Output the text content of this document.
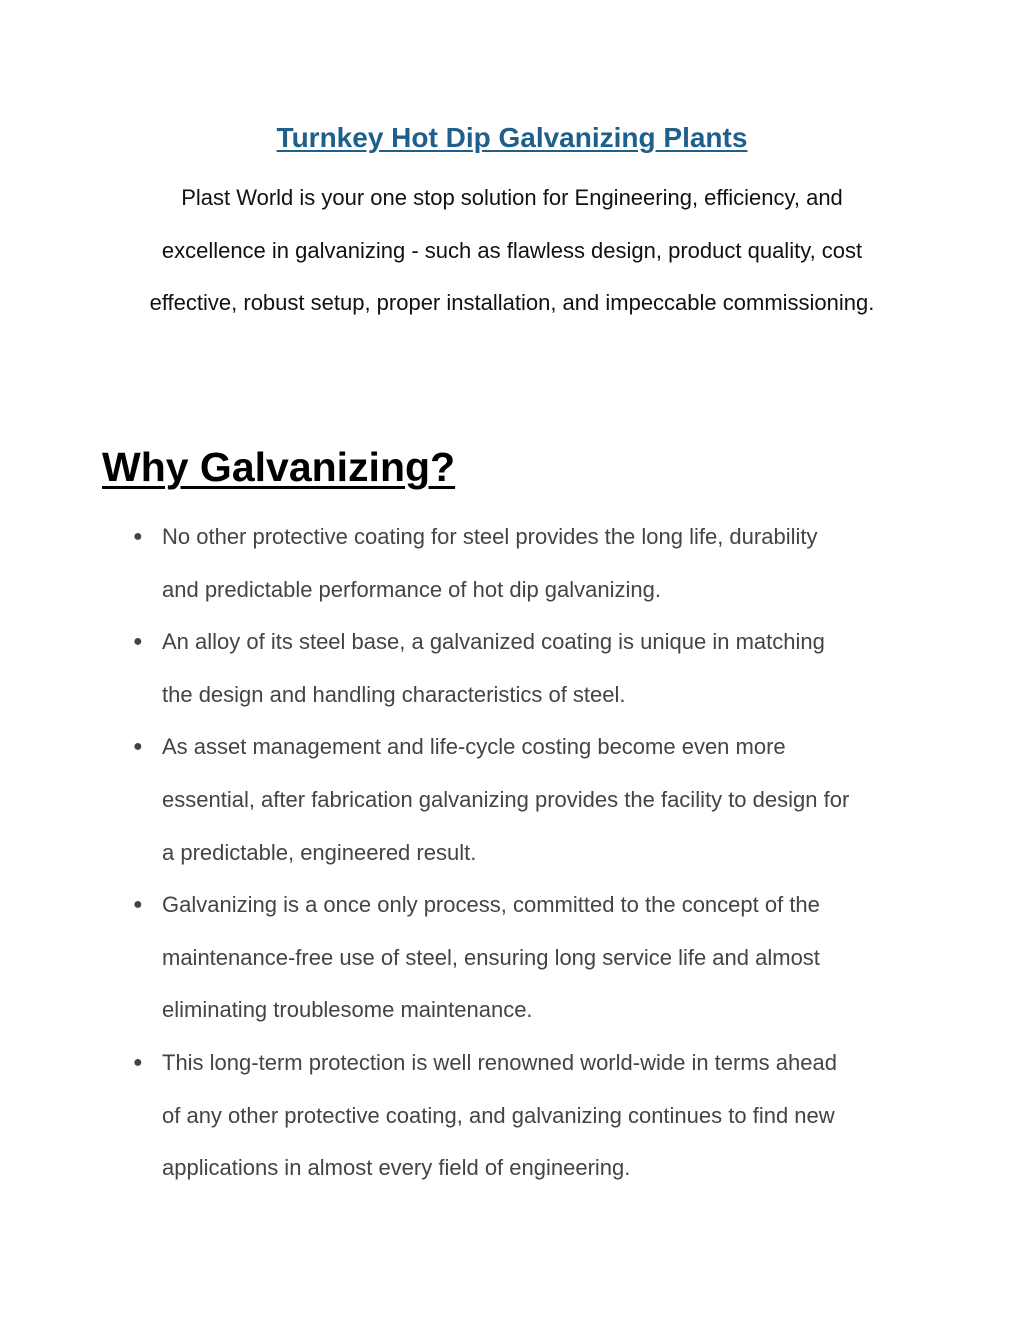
Turnkey Hot Dip Galvanizing Plants
Plast World is your one stop solution for Engineering, efficiency, and
excellence in galvanizing - such as flawless design, product quality, cost
effective, robust setup, proper installation, and impeccable commissioning.
Why Galvanizing?
● No other protective coating for steel provides the long life, durability
and predictable performance of hot dip galvanizing.
● An alloy of its steel base, a galvanized coating is unique in matching
the design and handling characteristics of steel.
● As asset management and life-cycle costing become even more
essential, after fabrication galvanizing provides the facility to design for
a predictable, engineered result.
● Galvanizing is a once only process, committed to the concept of the
maintenance-free use of steel, ensuring long service life and almost
eliminating troublesome maintenance.
● This long-term protection is well renowned world-wide in terms ahead
of any other protective coating, and galvanizing continues to find new
applications in almost every field of engineering.
